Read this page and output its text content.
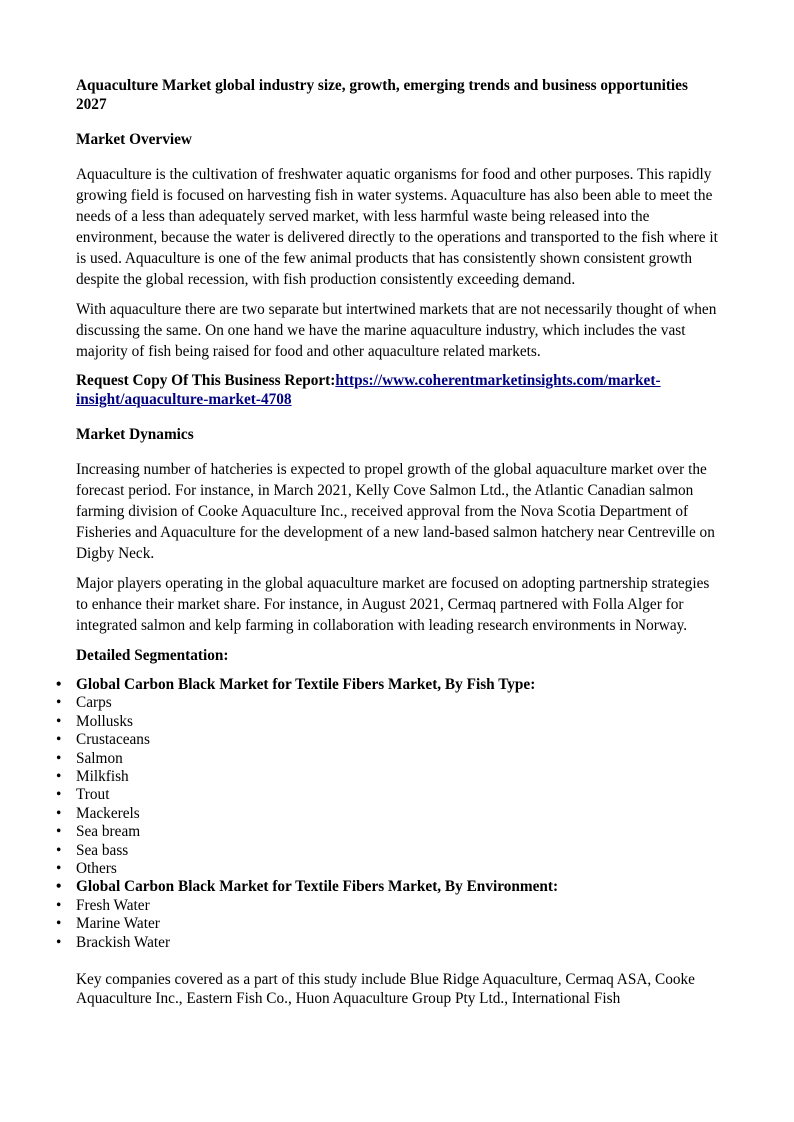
Aquaculture Market global industry size, growth, emerging trends and business opportunities 2027
Market Overview

Aquaculture is the cultivation of freshwater aquatic organisms for food and other purposes. This rapidly growing field is focused on harvesting fish in water systems. Aquaculture has also been able to meet the needs of a less than adequately served market, with less harmful waste being released into the environment, because the water is delivered directly to the operations and transported to the fish where it is used. Aquaculture is one of the few animal products that has consistently shown consistent growth despite the global recession, with fish production consistently exceeding demand.

With aquaculture there are two separate but intertwined markets that are not necessarily thought of when discussing the same. On one hand we have the marine aquaculture industry, which includes the vast majority of fish being raised for food and other aquaculture related markets.

Request Copy Of This Business Report:https://www.coherentmarketinsights.com/market-insight/aquaculture-market-4708
Market Dynamics

Increasing number of hatcheries is expected to propel growth of the global aquaculture market over the forecast period. For instance, in March 2021, Kelly Cove Salmon Ltd., the Atlantic Canadian salmon farming division of Cooke Aquaculture Inc., received approval from the Nova Scotia Department of Fisheries and Aquaculture for the development of a new land-based salmon hatchery near Centreville on Digby Neck.

Major players operating in the global aquaculture market are focused on adopting partnership strategies to enhance their market share. For instance, in August 2021, Cermaq partnered with Folla Alger for integrated salmon and kelp farming in collaboration with leading research environments in Norway.

Detailed Segmentation:
• Global Carbon Black Market for Textile Fibers Market, By Fish Type:
• Carps
• Mollusks
• Crustaceans
• Salmon
• Milkfish
• Trout
• Mackerels
• Sea bream
• Sea bass
• Others
• Global Carbon Black Market for Textile Fibers Market, By Environment:
• Fresh Water
• Marine Water
• Brackish Water

Key companies covered as a part of this study include Blue Ridge Aquaculture, Cermaq ASA, Cooke Aquaculture Inc., Eastern Fish Co., Huon Aquaculture Group Pty Ltd., International Fish
